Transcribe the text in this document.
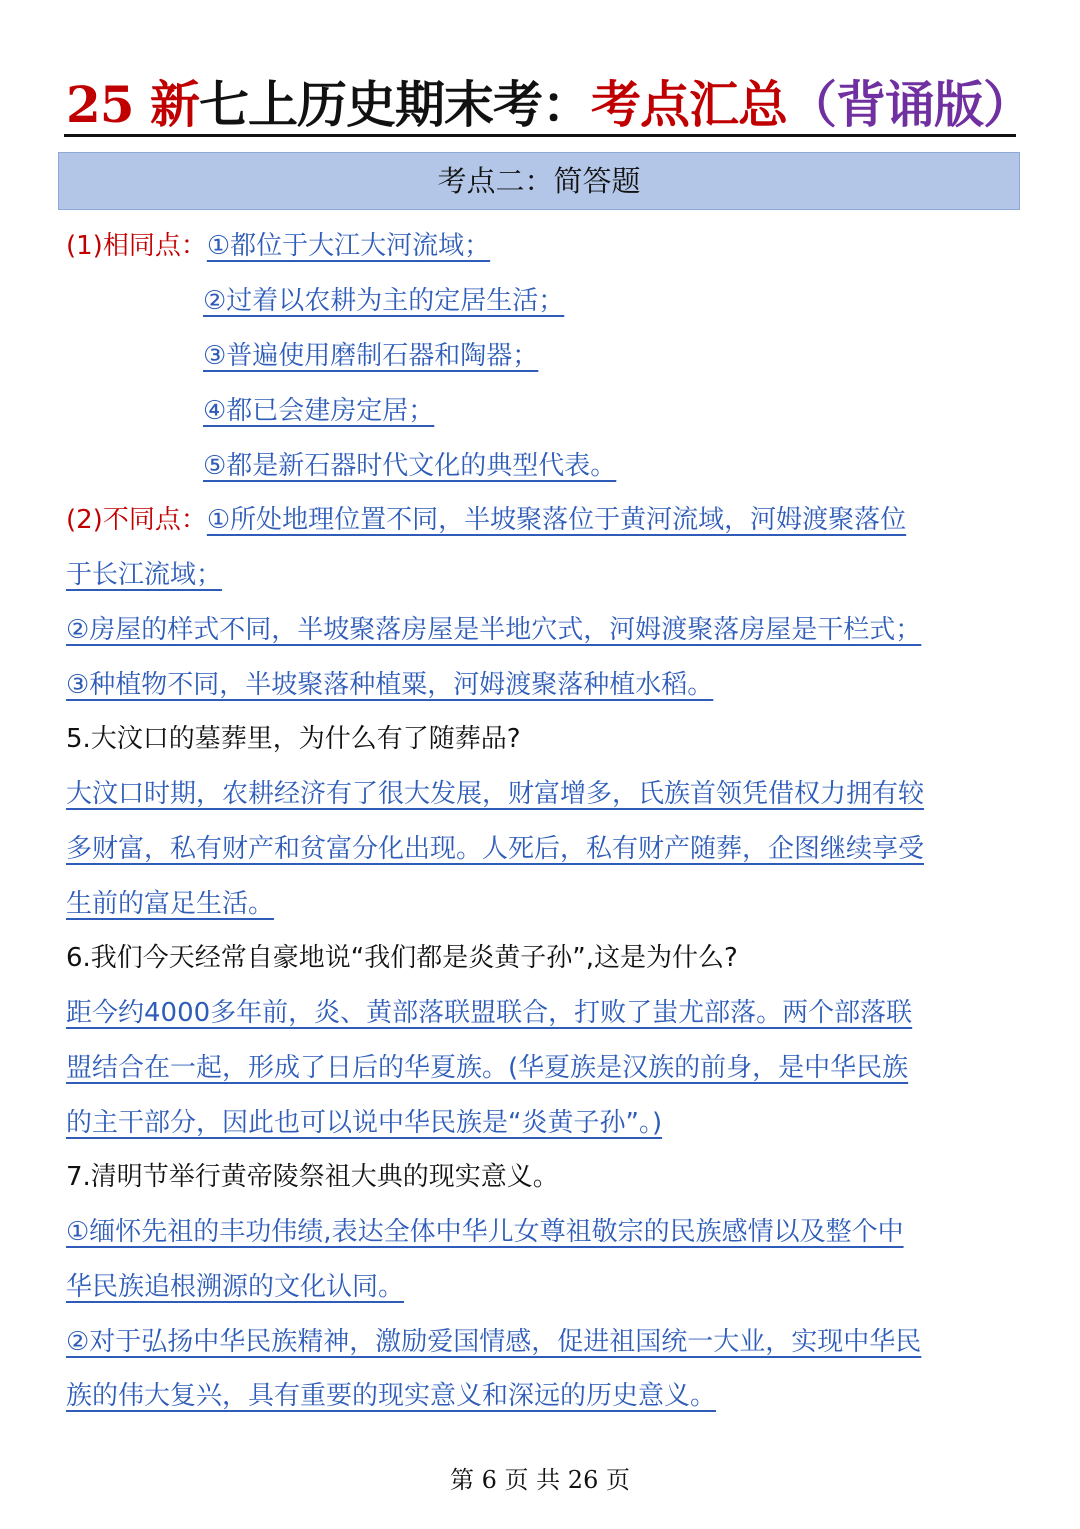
25 新七上历史期末考：考点汇总（背诵版）
考点二：简答题
(1)相同点：①都位于大江大河流域；
②过着以农耕为主的定居生活；
③普遍使用磨制石器和陶器；
④都已会建房定居；
⑤都是新石器时代文化的典型代表。
(2)不同点：①所处地理位置不同，半坡聚落位于黄河流域，河姆渡聚落位
于长江流域；
②房屋的样式不同，半坡聚落房屋是半地穴式，河姆渡聚落房屋是干栏式；
③种植物不同，半坡聚落种植粟，河姆渡聚落种植水稻。
5.大汶口的墓葬里，为什么有了随葬品?
大汶口时期，农耕经济有了很大发展，财富增多，氏族首领凭借权力拥有较
多财富，私有财产和贫富分化出现。人死后，私有财产随葬，企图继续享受
生前的富足生活。
6.我们今天经常自豪地说“我们都是炎黄子孙”,这是为什么?
距今约4000多年前，炎、黄部落联盟联合，打败了蚩尤部落。两个部落联
盟结合在一起，形成了日后的华夏族。(华夏族是汉族的前身，是中华民族
的主干部分，因此也可以说中华民族是“炎黄子孙”。)
7.清明节举行黄帝陵祭祖大典的现实意义。
①缅怀先祖的丰功伟绩,表达全体中华儿女尊祖敬宗的民族感情以及整个中
华民族追根溯源的文化认同。
②对于弘扬中华民族精神，激励爱国情感，促进祖国统一大业，实现中华民
族的伟大复兴，具有重要的现实意义和深远的历史意义。
第 6 页 共 26 页
